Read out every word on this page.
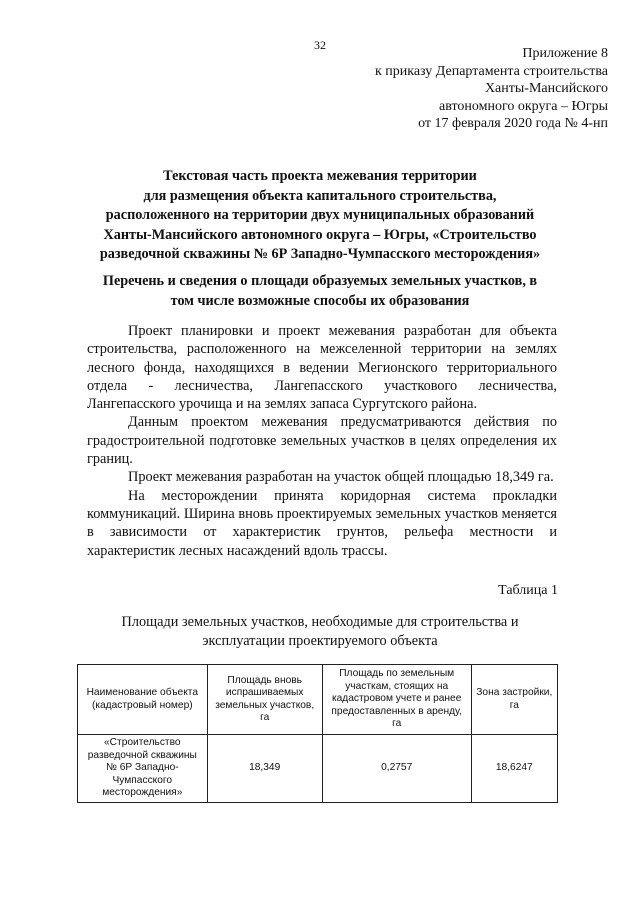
32
Приложение 8
к приказу Департамента строительства
Ханты-Мансийского
автономного округа – Югры
от 17 февраля 2020 года № 4-нп
Текстовая часть проекта межевания территории
для размещения объекта капитального строительства,
расположенного на территории двух муниципальных образований
Ханты-Мансийского автономного округа – Югры, «Строительство
разведочной скважины № 6Р Западно-Чумпасского месторождения»
Перечень и сведения о площади образуемых земельных участков, в
том числе возможные способы их образования

Проект планировки и проект межевания разработан для объекта строительства, расположенного на межселенной территории на землях лесного фонда, находящихся в ведении Мегионского территориального отдела - лесничества, Лангепасского участкового лесничества, Лангепасского урочища и на землях запаса Сургутского района.

Данным проектом межевания предусматриваются действия по градостроительной подготовке земельных участков в целях определения их границ.

Проект межевания разработан на участок общей площадью 18,349 га.

На месторождении принята коридорная система прокладки коммуникаций. Ширина вновь проектируемых земельных участков меняется в зависимости от характеристик грунтов, рельефа местности и характеристик лесных насаждений вдоль трассы.

Таблица 1
Площади земельных участков, необходимые для строительства и
эксплуатации проектируемого объекта
Наименование объекта (кадастровый номер)	Площадь вновь испрашиваемых земельных участков, га	Площадь по земельным участкам, стоящих на кадастровом учете и ранее предоставленных в аренду, га	Зона застройки, га
«Строительство разведочной скважины № 6Р Западно-Чумпасского месторождения»	18,349	0,2757	18,6247
